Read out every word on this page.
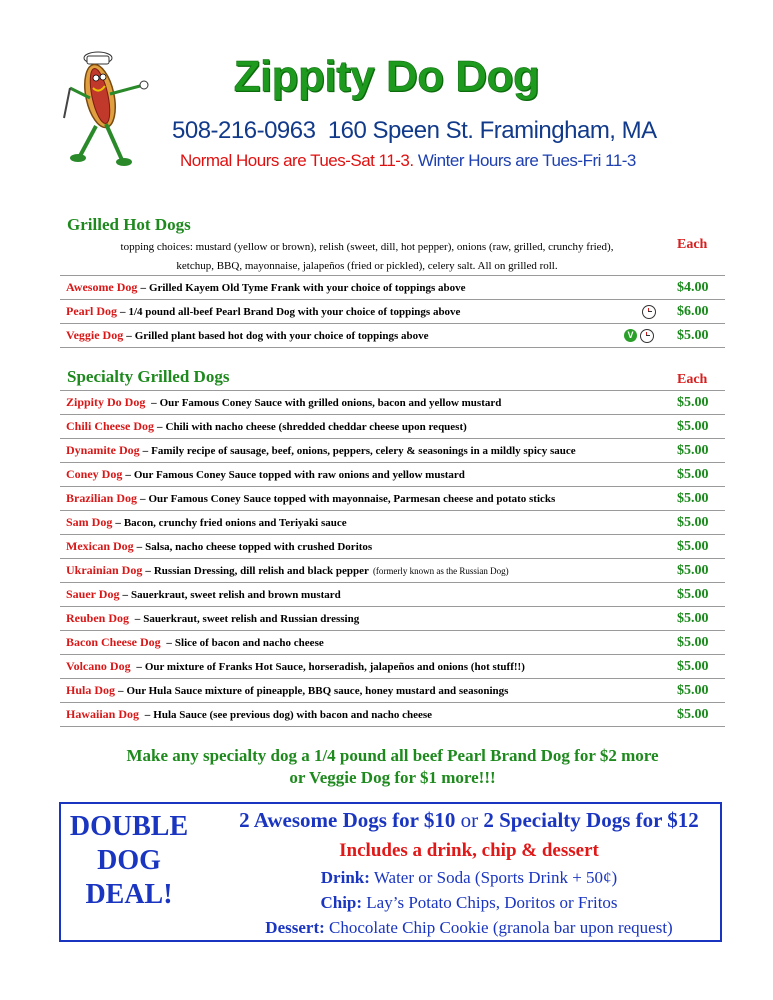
Zippity Do Dog
508-216-0963 160 Speen St. Framingham, MA
Normal Hours are Tues-Sat 11-3. Winter Hours are Tues-Fri 11-3
Grilled Hot Dogs
Each
topping choices: mustard (yellow or brown), relish (sweet, dill, hot pepper), onions (raw, grilled, crunchy fried),
ketchup, BBQ, mayonnaise, jalapeños (fried or pickled), celery salt. All on grilled roll.
Awesome Dog – Grilled Kayem Old Tyme Frank with your choice of toppings above	$4.00
Pearl Dog – 1/4 pound all-beef Pearl Brand Dog with your choice of toppings above	$6.00
Veggie Dog – Grilled plant based hot dog with your choice of toppings above	V	$5.00
Specialty Grilled Dogs	Each
Zippity Do Dog – Our Famous Coney Sauce with grilled onions, bacon and yellow mustard	$5.00
Chili Cheese Dog – Chili with nacho cheese (shredded cheddar cheese upon request)	$5.00
Dynamite Dog – Family recipe of sausage, beef, onions, peppers, celery & seasonings in a mildly spicy sauce	$5.00
Coney Dog – Our Famous Coney Sauce topped with raw onions and yellow mustard	$5.00
Brazilian Dog – Our Famous Coney Sauce topped with mayonnaise, Parmesan cheese and potato sticks	$5.00
Sam Dog – Bacon, crunchy fried onions and Teriyaki sauce	$5.00
Mexican Dog – Salsa, nacho cheese topped with crushed Doritos	$5.00
Ukrainian Dog – Russian Dressing, dill relish and black pepper (formerly known as the Russian Dog)	$5.00
Sauer Dog – Sauerkraut, sweet relish and brown mustard	$5.00
Reuben Dog – Sauerkraut, sweet relish and Russian dressing	$5.00
Bacon Cheese Dog – Slice of bacon and nacho cheese	$5.00
Volcano Dog – Our mixture of Franks Hot Sauce, horseradish, jalapeños and onions (hot stuff!!)	$5.00
Hula Dog – Our Hula Sauce mixture of pineapple, BBQ sauce, honey mustard and seasonings	$5.00
Hawaiian Dog – Hula Sauce (see previous dog) with bacon and nacho cheese	$5.00
Make any specialty dog a 1/4 pound all beef Pearl Brand Dog for $2 more
or Veggie Dog for $1 more!!!
DOUBLE
DOG
DEAL!
2 Awesome Dogs for $10 or 2 Specialty Dogs for $12
Includes a drink, chip & dessert
Drink: Water or Soda (Sports Drink + 50¢)
Chip: Lay’s Potato Chips, Doritos or Fritos
Dessert: Chocolate Chip Cookie (granola bar upon request)
